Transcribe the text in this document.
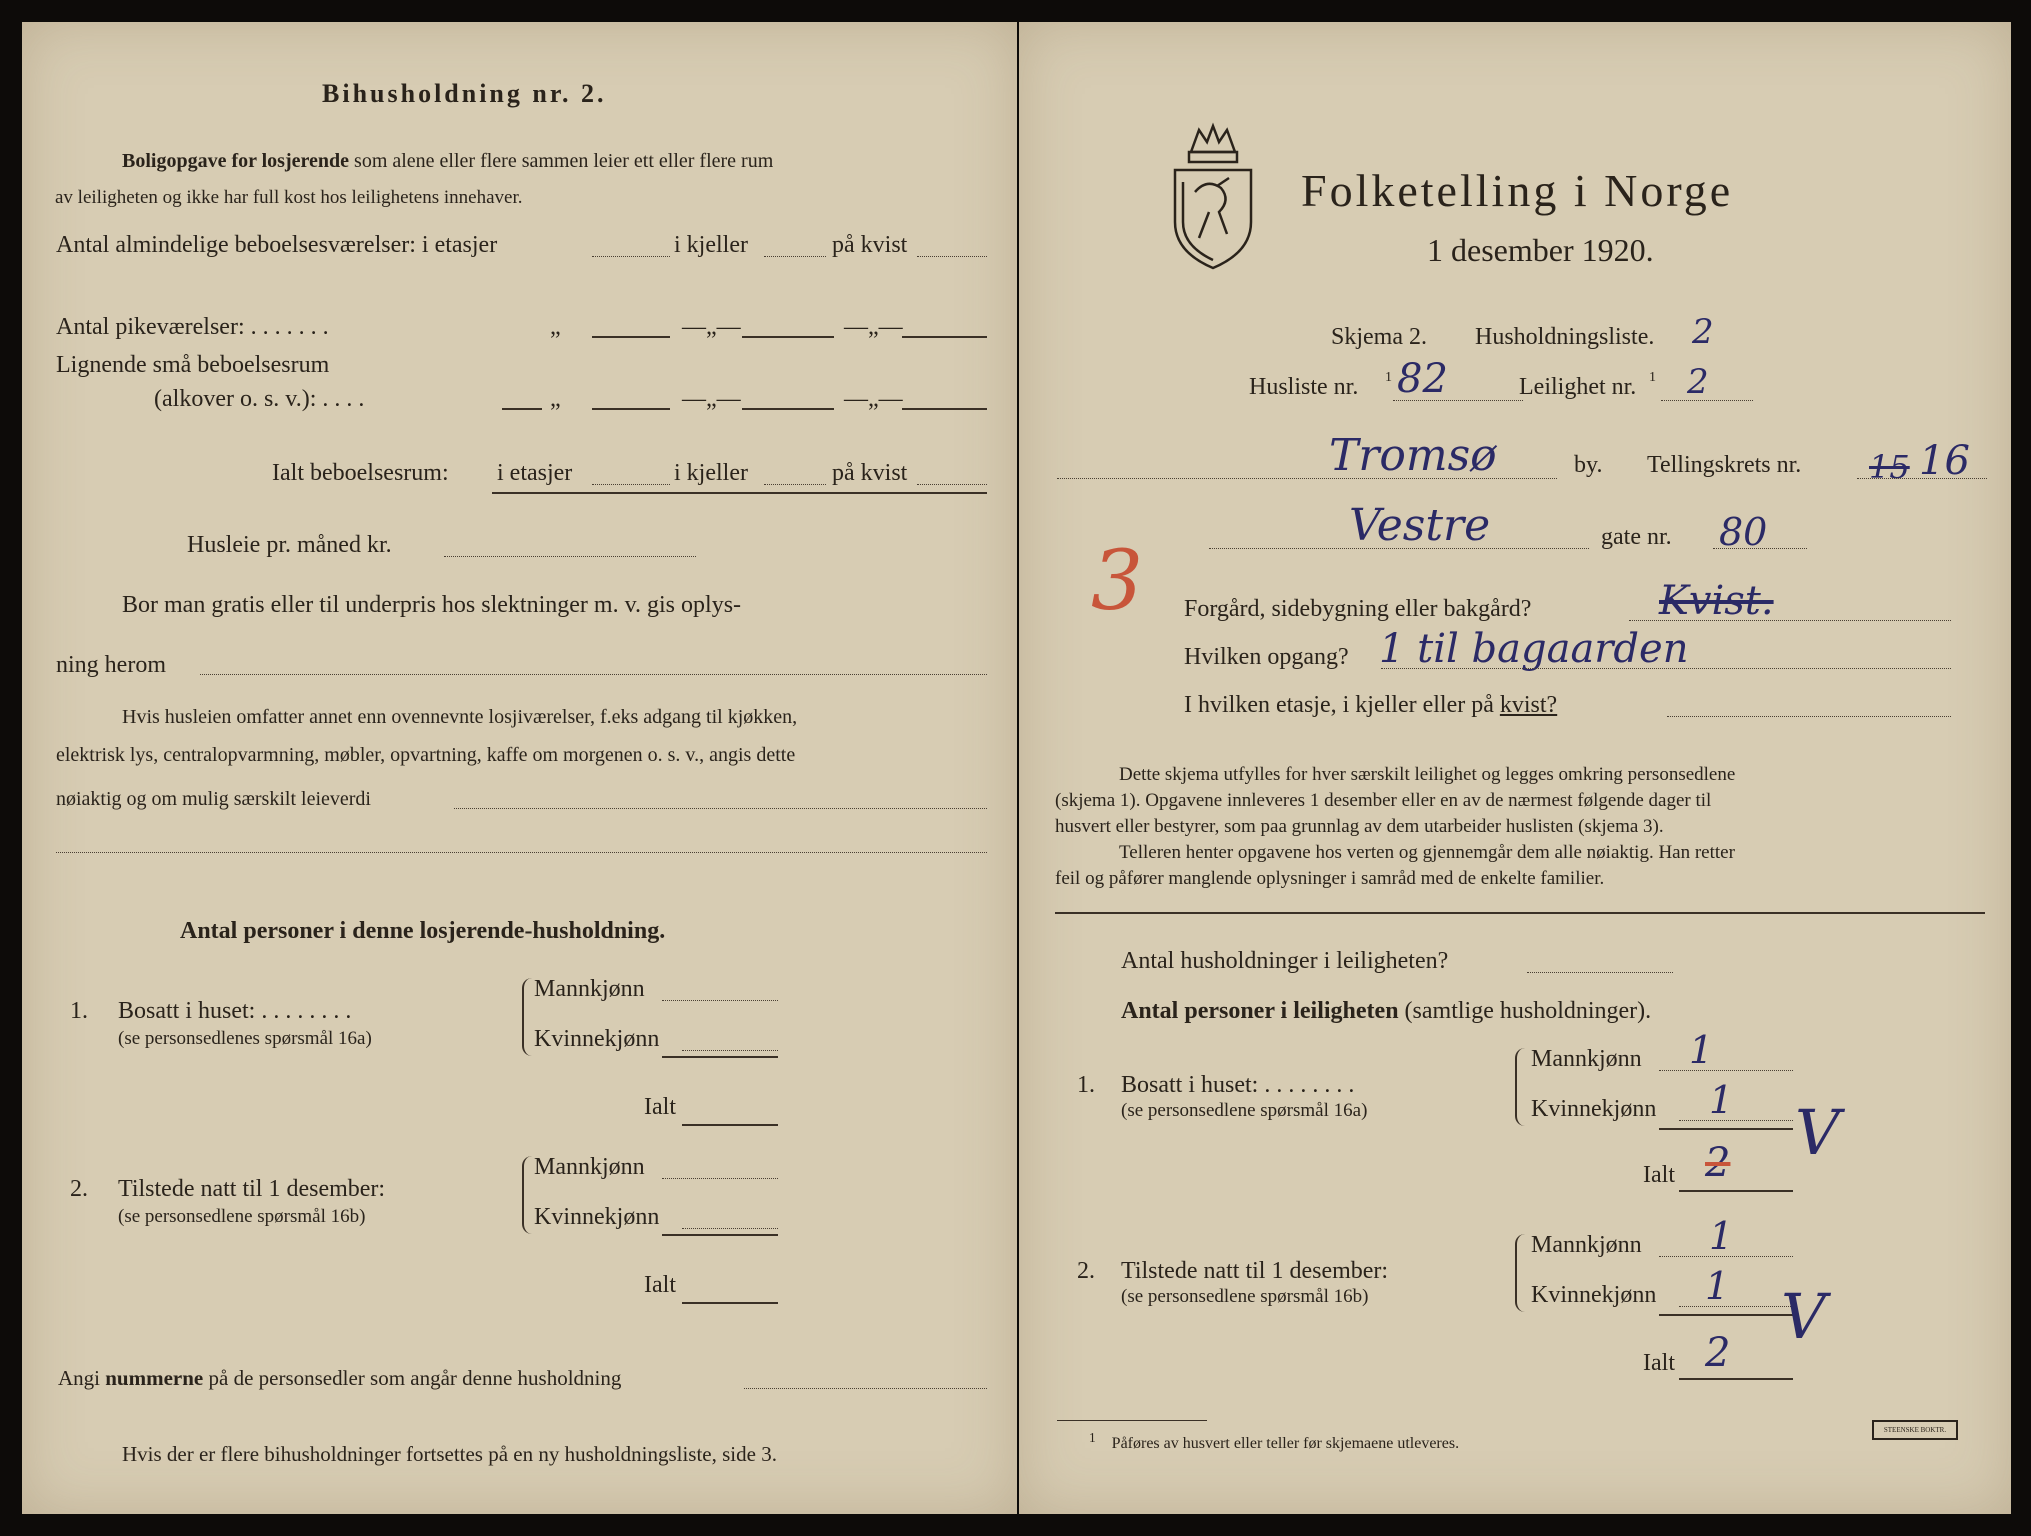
Bihusholdning nr. 2.
Boligopgave for losjerende som alene eller flere sammen leier ett eller flere rum
av leiligheten og ikke har full kost hos leilighetens innehaver.
Antal almindelige beboelsesværelser: i etasjer	i kjeller	på kvist
Antal pikeværelser: . . . . . . .	„	—„—	—„—
Lignende små beboelsesrum
(alkover o. s. v.): . . . .	„	—„—	—„—
Ialt beboelsesrum: i etasjer	i kjeller	på kvist
Husleie pr. måned kr.
Bor man gratis eller til underpris hos slektninger m. v. gis oplys-
ning herom
Hvis husleien omfatter annet enn ovennevnte losjiværelser, f.eks adgang til kjøkken,
elektrisk lys, centralopvarmning, møbler, opvartning, kaffe om morgenen o. s. v., angis dette
nøiaktig og om mulig særskilt leieverdi
Antal personer i denne losjerende-husholdning.
1. Bosatt i huset: . . . . . . . .
(se personsedlenes spørsmål 16a)
Mannkjønn
Kvinnekjønn
Ialt
2. Tilstede natt til 1 desember:
(se personsedlene spørsmål 16b)
Mannkjønn
Kvinnekjønn
Ialt
Angi nummerne på de personsedler som angår denne husholdning
Hvis der er flere bihusholdninger fortsettes på en ny husholdningsliste, side 3.
Folketelling i Norge
1 desember 1920.
Skjema 2. Husholdningsliste. 2
Husliste nr. 1 82	Leilighet nr. 1 2
Tromsø	by. Tellingskrets nr. 15 16
Vestre	gate nr. 80
3 Forgård, sidebygning eller bakgård?	Kvist.
Hvilken opgang? 1 til bagaarden
I hvilken etasje, i kjeller eller på kvist?
Dette skjema utfylles for hver særskilt leilighet og legges omkring personsedlene
(skjema 1). Opgavene innleveres 1 desember eller en av de nærmest følgende dager til
husvert eller bestyrer, som paa grunnlag av dem utarbeider huslisten (skjema 3).
Telleren henter opgavene hos verten og gjennemgår dem alle nøiaktig. Han retter
feil og påfører manglende oplysninger i samråd med de enkelte familier.
Antal husholdninger i leiligheten?
Antal personer i leiligheten (samtlige husholdninger).
1. Bosatt i huset: . . . . . . . .
(se personsedlene spørsmål 16a)
Mannkjønn 1
Kvinnekjønn 1
Ialt 2 V
2. Tilstede natt til 1 desember:
(se personsedlene spørsmål 16b)
Mannkjønn 1
Kvinnekjønn 1
Ialt 2 V
$^1$ Påføres av husvert eller teller før skjemaene utleveres.
STEENSKE BOKTR.
